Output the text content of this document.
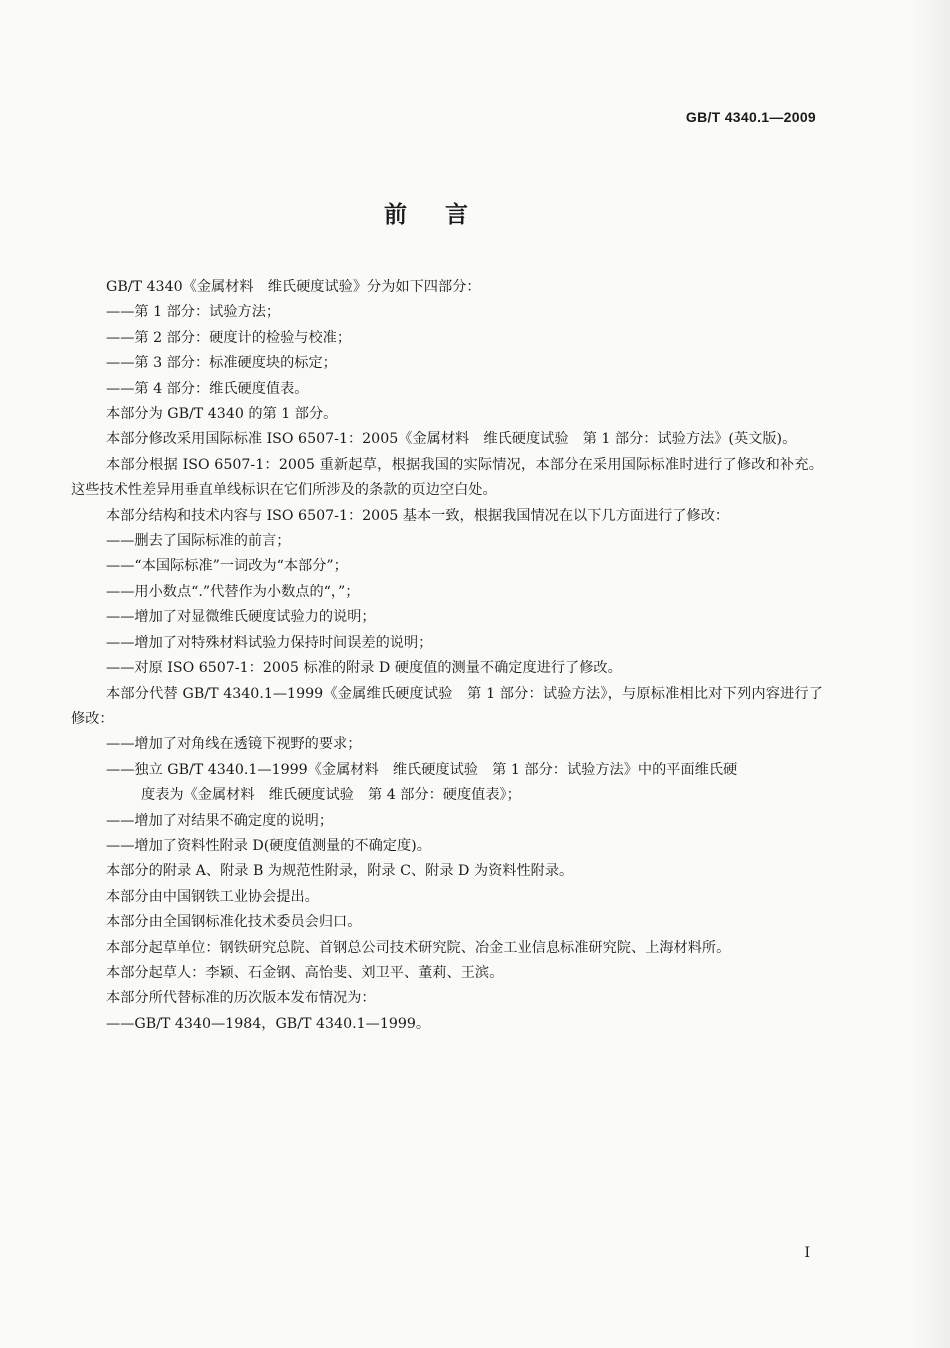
GB/T 4340.1—2009
前言
GB/T 4340《金属材料　维氏硬度试验》分为如下四部分：
——第 1 部分：试验方法；
——第 2 部分：硬度计的检验与校准；
——第 3 部分：标准硬度块的标定；
——第 4 部分：维氏硬度值表。
本部分为 GB/T 4340 的第 1 部分。
本部分修改采用国际标准 ISO 6507-1：2005《金属材料　维氏硬度试验　第 1 部分：试验方法》(英文版)。
本部分根据 ISO 6507-1：2005 重新起草，根据我国的实际情况，本部分在采用国际标准时进行了修改和补充。这些技术性差异用垂直单线标识在它们所涉及的条款的页边空白处。
本部分结构和技术内容与 ISO 6507-1：2005 基本一致，根据我国情况在以下几方面进行了修改：
——删去了国际标准的前言；
——“本国际标准”一词改为“本部分”；
——用小数点“.”代替作为小数点的“，”；
——增加了对显微维氏硬度试验力的说明；
——增加了对特殊材料试验力保持时间误差的说明；
——对原 ISO 6507-1：2005 标准的附录 D 硬度值的测量不确定度进行了修改。
本部分代替 GB/T 4340.1—1999《金属维氏硬度试验　第 1 部分：试验方法》，与原标准相比对下列内容进行了修改：
——增加了对角线在透镜下视野的要求；
——独立 GB/T 4340.1—1999《金属材料　维氏硬度试验　第 1 部分：试验方法》中的平面维氏硬
度表为《金属材料　维氏硬度试验　第 4 部分：硬度值表》；
——增加了对结果不确定度的说明；
——增加了资料性附录 D(硬度值测量的不确定度)。
本部分的附录 A、附录 B 为规范性附录，附录 C、附录 D 为资料性附录。
本部分由中国钢铁工业协会提出。
本部分由全国钢标准化技术委员会归口。
本部分起草单位：钢铁研究总院、首钢总公司技术研究院、冶金工业信息标准研究院、上海材料所。
本部分起草人：李颖、石金钢、高怡斐、刘卫平、董莉、王滨。
本部分所代替标准的历次版本发布情况为：
——GB/T 4340—1984，GB/T 4340.1—1999。
I
